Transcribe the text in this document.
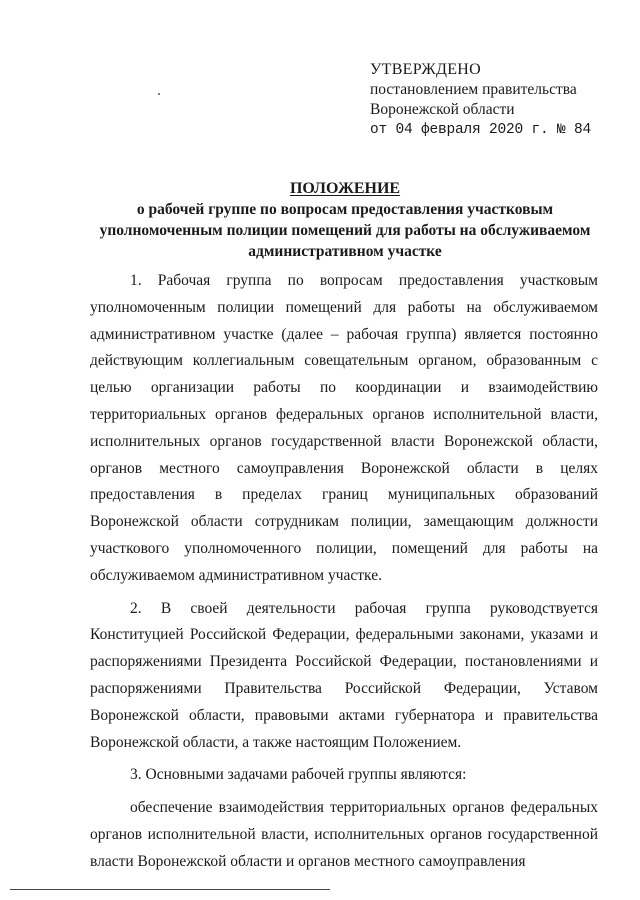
УТВЕРЖДЕНО
постановлением правительства
Воронежской области
от 04 февраля 2020 г. № 84
ПОЛОЖЕНИЕ
о рабочей группе по вопросам предоставления участковым уполномоченным полиции помещений для работы на обслуживаемом административном участке

1. Рабочая группа по вопросам предоставления участковым уполномоченным полиции помещений для работы на обслуживаемом административном участке (далее – рабочая группа) является постоянно действующим коллегиальным совещательным органом, образованным с целью организации работы по координации и взаимодействию территориальных органов федеральных органов исполнительной власти, исполнительных органов государственной власти Воронежской области, органов местного самоуправления Воронежской области в целях предоставления в пределах границ муниципальных образований Воронежской области сотрудникам полиции, замещающим должности участкового уполномоченного полиции, помещений для работы на обслуживаемом административном участке.

2. В своей деятельности рабочая группа руководствуется Конституцией Российской Федерации, федеральными законами, указами и распоряжениями Президента Российской Федерации, постановлениями и распоряжениями Правительства Российской Федерации, Уставом Воронежской области, правовыми актами губернатора и правительства Воронежской области, а также настоящим Положением.

3. Основными задачами рабочей группы являются:

обеспечение взаимодействия территориальных органов федеральных органов исполнительной власти, исполнительных органов государственной власти Воронежской области и органов местного самоуправления
